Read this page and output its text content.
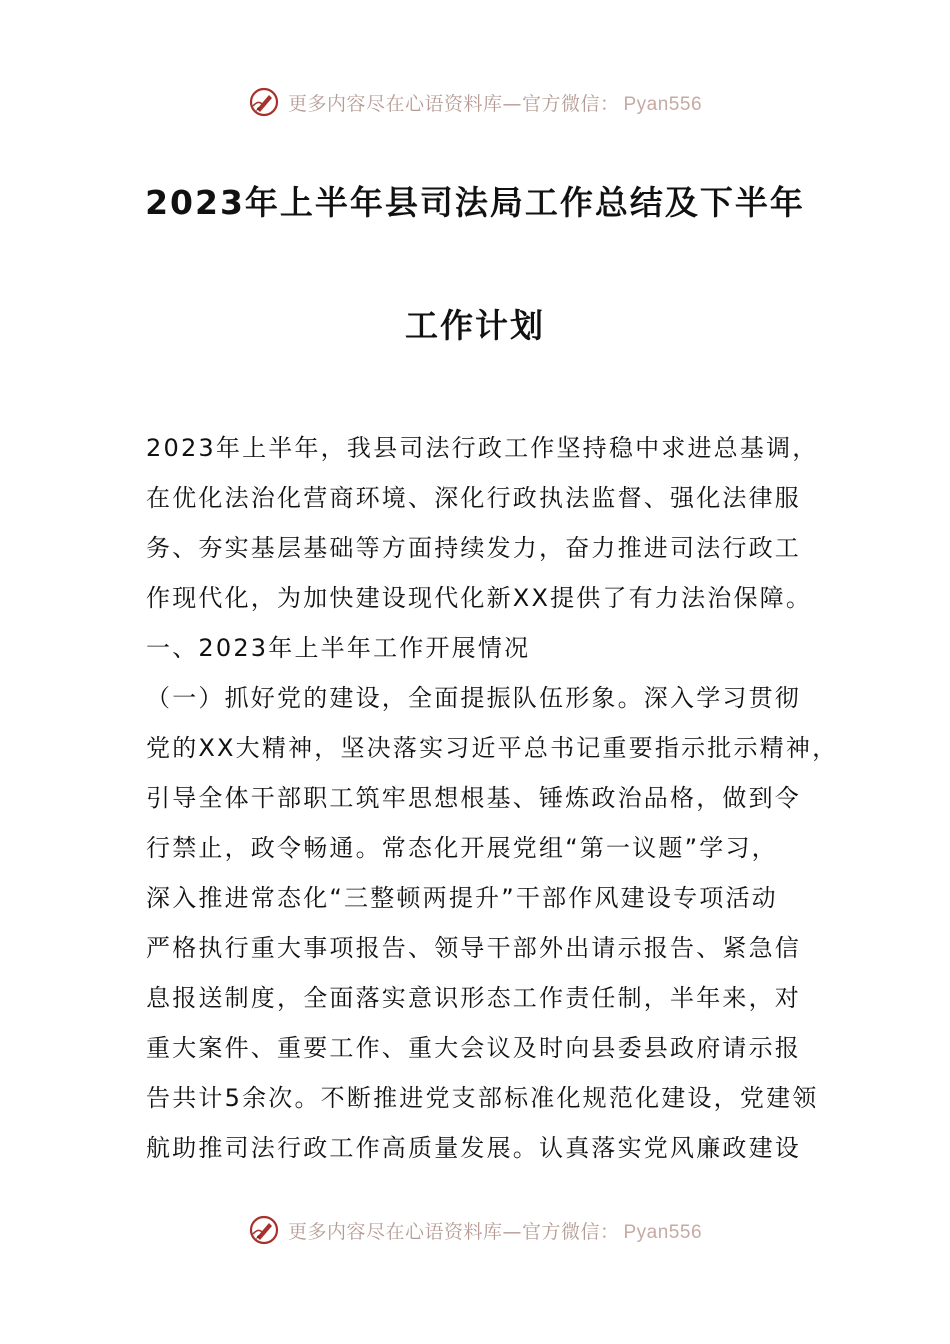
更多内容尽在心语资料库—官方微信： Pyan556
2023年上半年县司法局工作总结及下半年
工作计划
2023年上半年，我县司法行政工作坚持稳中求进总基调，
在优化法治化营商环境、深化行政执法监督、强化法律服
务、夯实基层基础等方面持续发力，奋力推进司法行政工
作现代化，为加快建设现代化新XX提供了有力法治保障。
一、2023年上半年工作开展情况
（一）抓好党的建设，全面提振队伍形象。深入学习贯彻
党的XX大精神，坚决落实习近平总书记重要指示批示精神，
引导全体干部职工筑牢思想根基、锤炼政治品格，做到令
行禁止，政令畅通。常态化开展党组“第一议题”学习，
深入推进常态化“三整顿两提升”干部作风建设专项活动
严格执行重大事项报告、领导干部外出请示报告、紧急信
息报送制度，全面落实意识形态工作责任制，半年来，对
重大案件、重要工作、重大会议及时向县委县政府请示报
告共计5余次。不断推进党支部标准化规范化建设，党建领
航助推司法行政工作高质量发展。认真落实党风廉政建设
更多内容尽在心语资料库—官方微信： Pyan556
